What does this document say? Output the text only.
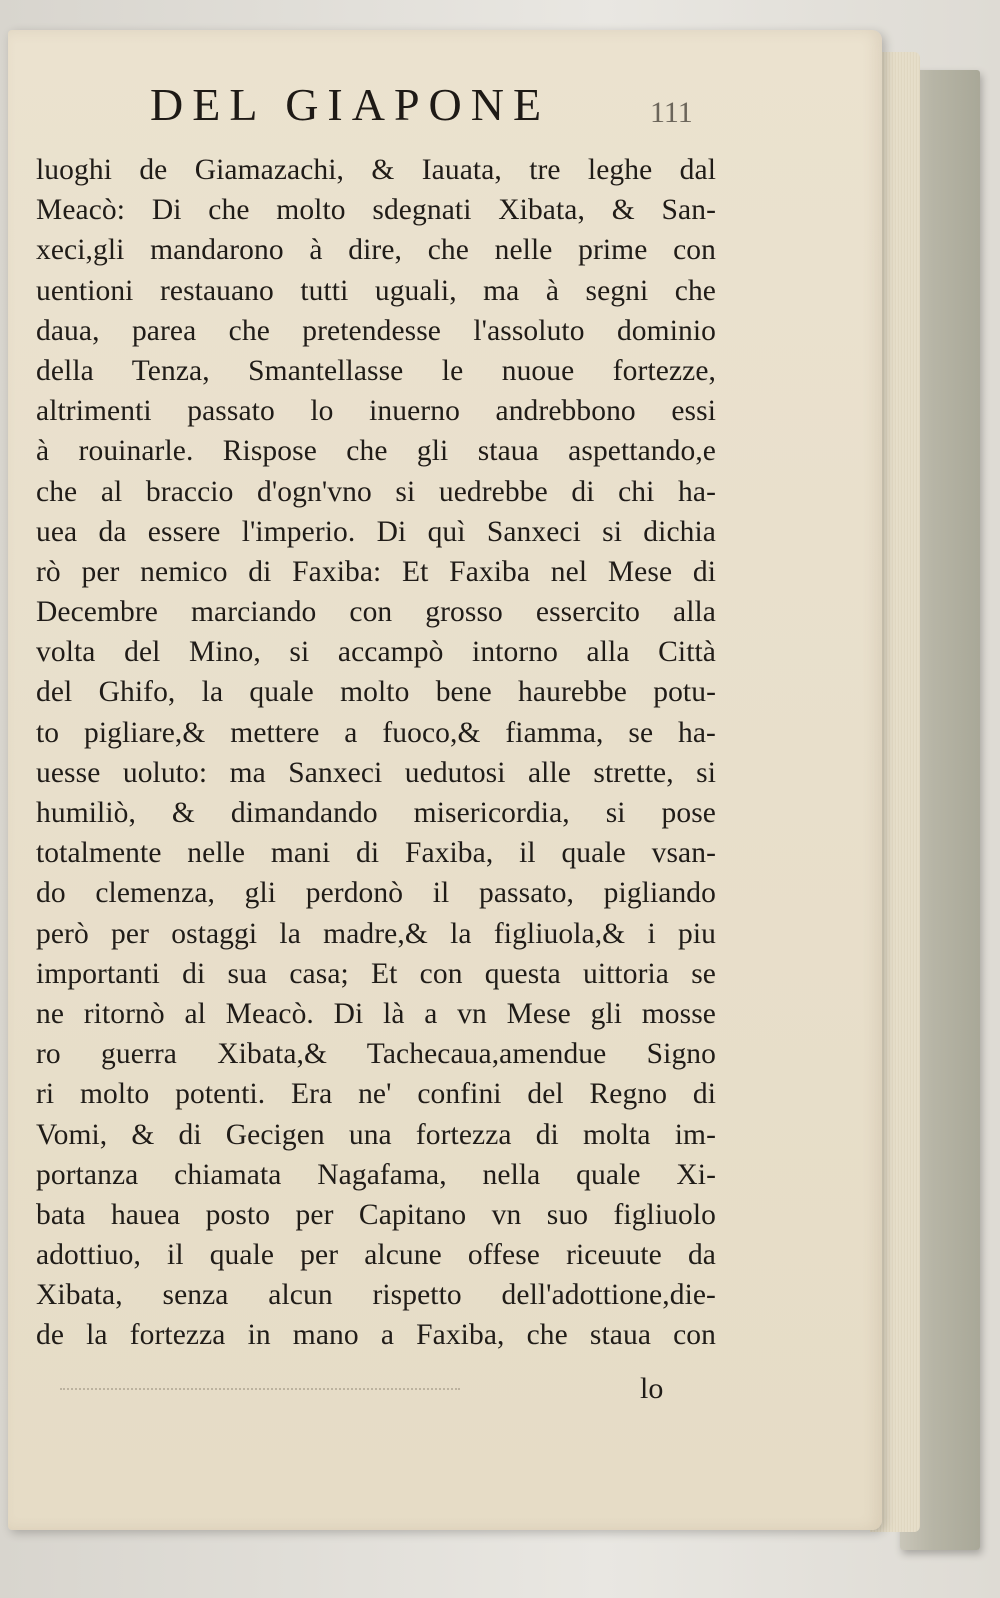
DEL GIAPONE	111
luoghi de Giamazachi, & Iauata, tre leghe dal
Meacò: Di che molto sdegnati Xibata, & San-
xeci,gli mandarono à dire, che nelle prime con
uentioni restauano tutti uguali, ma à segni che
daua, parea che pretendesse l'assoluto dominio
della Tenza, Smantellasse le nuoue fortezze,
altrimenti passato lo inuerno andrebbono essi
à rouinarle. Rispose che gli staua aspettando,e
che al braccio d'ogn'vno si uedrebbe di chi ha-
uea da essere l'imperio. Di quì Sanxeci si dichia
rò per nemico di Faxiba: Et Faxiba nel Mese di
Decembre marciando con grosso essercito alla
volta del Mino, si accampò intorno alla Città
del Ghifo, la quale molto bene haurebbe potu-
to pigliare,& mettere a fuoco,& fiamma, se ha-
uesse uoluto: ma Sanxeci uedutosi alle strette, si
humiliò, & dimandando misericordia, si pose
totalmente nelle mani di Faxiba, il quale vsan-
do clemenza, gli perdonò il passato, pigliando
però per ostaggi la madre,& la figliuola,& i piu
importanti di sua casa; Et con questa uittoria se
ne ritornò al Meacò. Di là a vn Mese gli mosse
ro guerra Xibata,& Tachecaua,amendue Signo
ri molto potenti. Era ne' confini del Regno di
Vomi, & di Gecigen una fortezza di molta im-
portanza chiamata Nagafama, nella quale Xi-
bata hauea posto per Capitano vn suo figliuolo
adottiuo, il quale per alcune offese riceuute da
Xibata, senza alcun rispetto dell'adottione,die-
de la fortezza in mano a Faxiba, che staua con
lo
